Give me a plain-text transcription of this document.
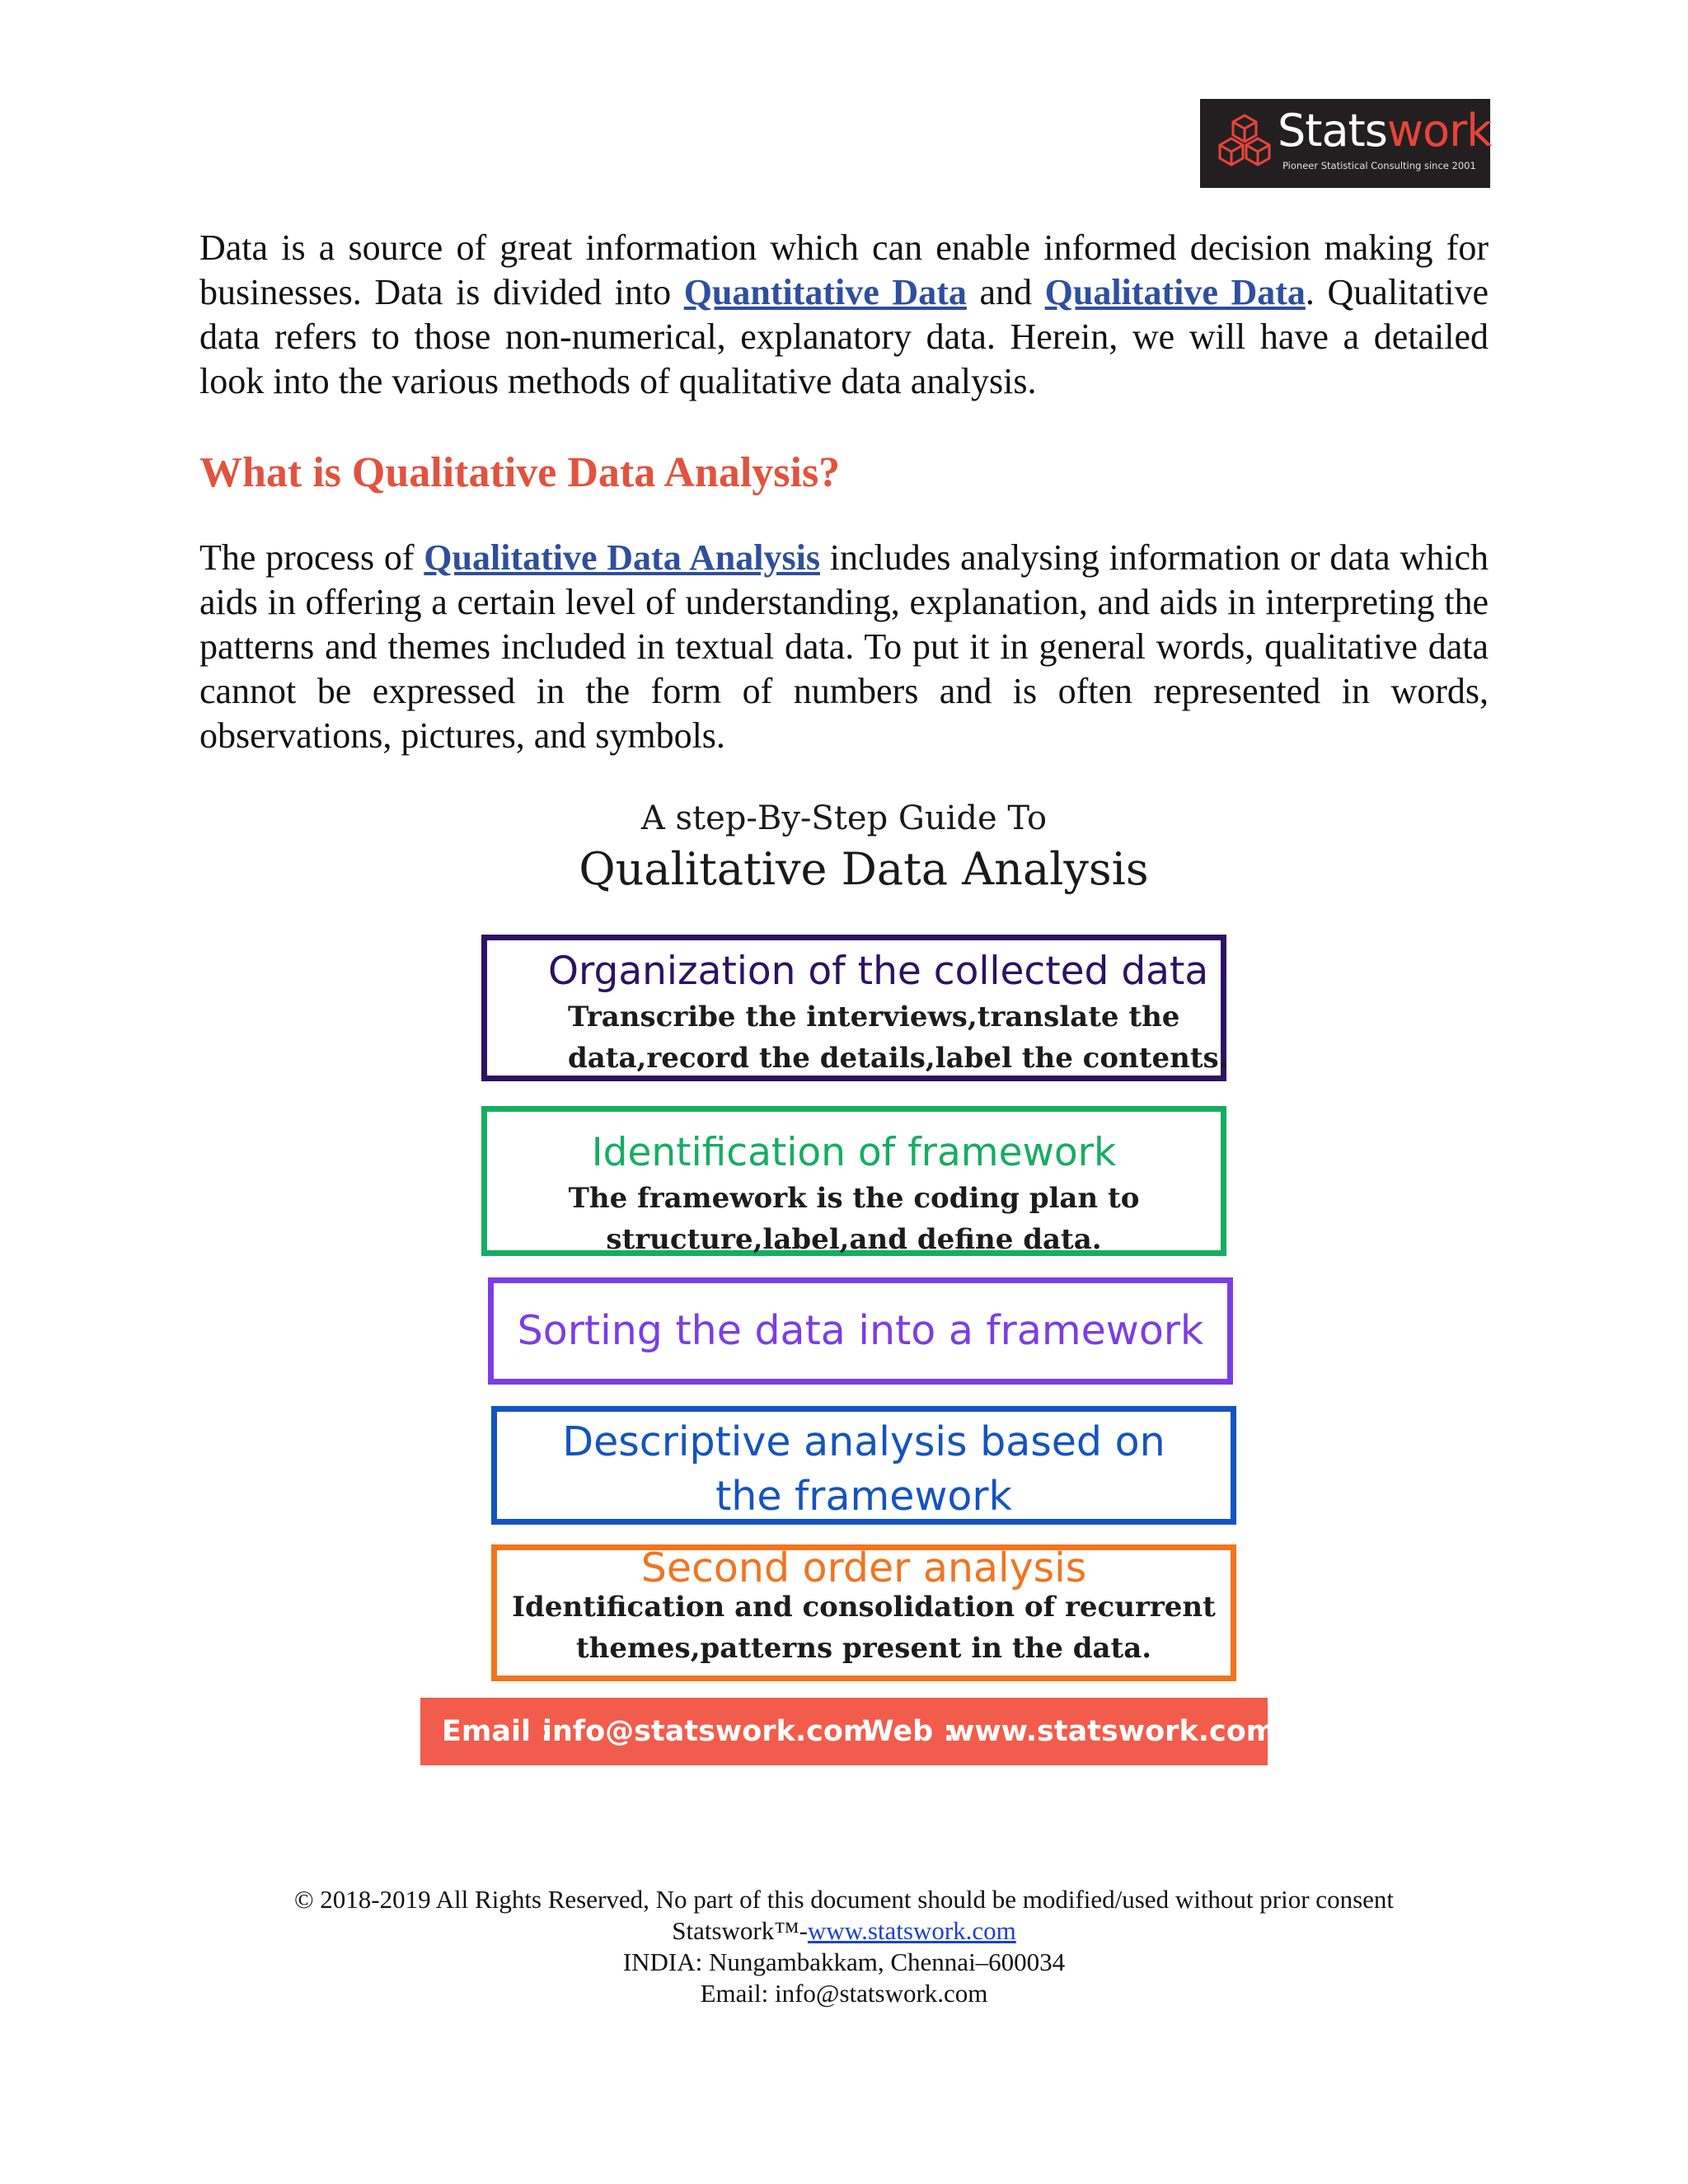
Statswork
Pioneer Statistical Consulting since 2001

Data is a source of great information which can enable informed decision making for businesses. Data is divided into Quantitative Data and Qualitative Data. Qualitative data refers to those non-numerical, explanatory data. Herein, we will have a detailed look into the various methods of qualitative data analysis.

What is Qualitative Data Analysis?

The process of Qualitative Data Analysis includes analysing information or data which aids in offering a certain level of understanding, explanation, and aids in interpreting the patterns and themes included in textual data. To put it in general words, qualitative data cannot be expressed in the form of numbers and is often represented in words, observations, pictures, and symbols.

A step-By-Step Guide To
Qualitative Data Analysis
Organization of the collected data
Transcribe the interviews,translate the
data,record the details,label the contents.
Identification of framework
The framework is the coding plan to
structure,label,and define data.
Sorting the data into a framework
Descriptive analysis based on the framework
Second order analysis
Identification and consolidation of recurrent
themes,patterns present in the data.
Email :
info@statswork.com
Web :
www.statswork.com
© 2018-2019 All Rights Reserved, No part of this document should be modified/used without prior consent
Statswork™-www.statswork.com
INDIA: Nungambakkam, Chennai–600034
Email: info@statswork.com
